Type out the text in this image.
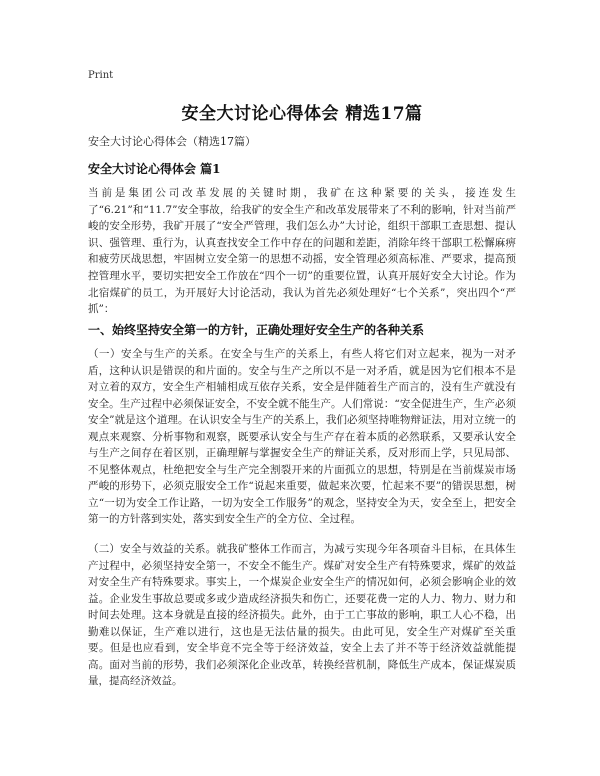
Print
安全大讨论心得体会 精选17篇
安全大讨论心得体会（精选17篇）
安全大讨论心得体会 篇1
当前是集团公司改革发展的关键时期，我矿在这种紧要的关头，接连发生了“6.21”和“11.7”安全事故，给我矿的安全生产和改革发展带来了不利的影响，针对当前严峻的安全形势，我矿开展了“安全严管理，我们怎么办”大讨论，组织干部职工查思想、提认识、强管理、重行为，认真查找安全工作中存在的问题和差距，消除年终干部职工松懈麻痹和疲劳厌战思想，牢固树立安全第一的思想不动摇，安全管理必须高标准、严要求，提高预控管理水平，要切实把安全工作放在“四个一切”的重要位置，认真开展好安全大讨论。作为北宿煤矿的员工，为开展好大讨论活动，我认为首先必须处理好“七个关系”，突出四个“严抓”：
一、始终坚持安全第一的方针，正确处理好安全生产的各种关系
（一）安全与生产的关系。在安全与生产的关系上，有些人将它们对立起来，视为一对矛盾，这种认识是错误的和片面的。安全与生产之所以不是一对矛盾，就是因为它们根本不是对立着的双方，安全生产相辅相成互依存关系，安全是伴随着生产而言的，没有生产就没有安全。生产过程中必须保证安全，不安全就不能生产。人们常说：“安全促进生产，生产必须安全”就是这个道理。在认识安全与生产的关系上，我们必须坚持唯物辩证法，用对立统一的观点来观察、分析事物和观察，既要承认安全与生产存在着本质的必然联系，又要承认安全与生产之间存在着区别，正确理解与掌握安全生产的辩证关系，反对形而上学，只见局部、不见整体观点，杜绝把安全与生产完全割裂开来的片面孤立的思想，特别是在当前煤炭市场严峻的形势下，必须克服安全工作“说起来重要，做起来次要，忙起来不要”的错误思想，树立“一切为安全工作让路，一切为安全工作服务”的观念，坚持安全为天，安全至上，把安全第一的方针落到实处，落实到安全生产的全方位、全过程。
（二）安全与效益的关系。就我矿整体工作而言，为减亏实现今年各项奋斗目标，在具体生产过程中，必须坚持安全第一，不安全不能生产。煤矿对安全生产有特殊要求，煤矿的效益对安全生产有特殊要求。事实上，一个煤炭企业安全生产的情况如何，必须会影响企业的效益。企业发生事故总要或多或少造成经济损失和伤亡，还要花费一定的人力、物力、财力和时间去处理。这本身就是直接的经济损失。此外，由于工亡事故的影响，职工人心不稳，出勤难以保证，生产难以进行，这也是无法估量的损失。由此可见，安全生产对煤矿至关重要。但是也应看到，安全毕竟不完全等于经济效益，安全上去了并不等于经济效益就能提高。面对当前的形势，我们必须深化企业改革，转换经营机制，降低生产成本，保证煤炭质量，提高经济效益。
